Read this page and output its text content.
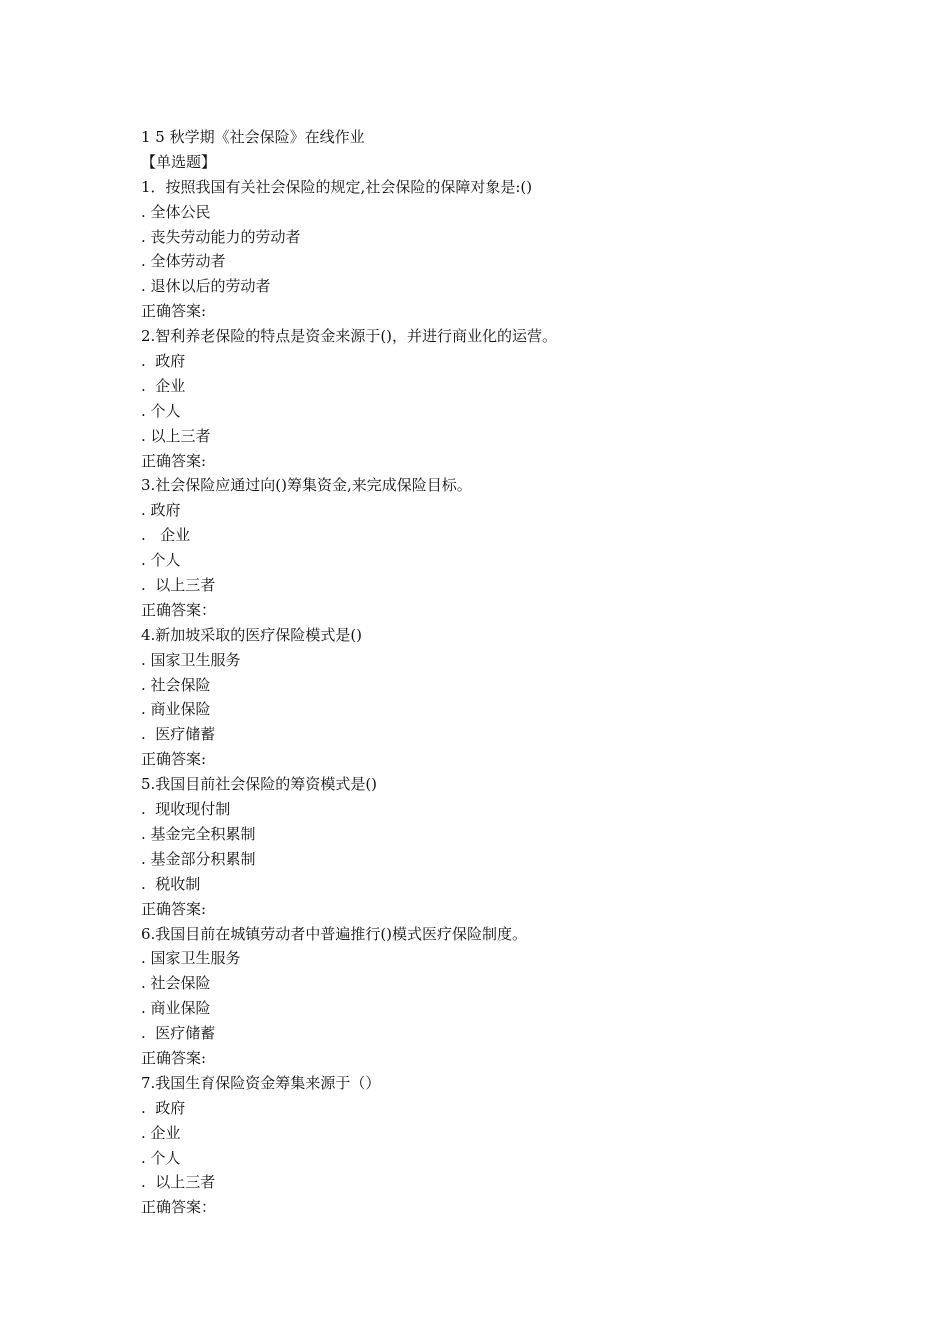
1 5 秋学期《社会保险》在线作业
【单选题】
1．按照我国有关社会保险的规定,社会保险的保障对象是:()
. 全体公民
. 丧失劳动能力的劳动者
. 全体劳动者
. 退休以后的劳动者
正确答案:
2.智利养老保险的特点是资金来源于()，并进行商业化的运营。
.  政府
.  企业
. 个人
. 以上三者
正确答案:
3.社会保险应通过向()筹集资金,来完成保险目标。
. 政府
.   企业
. 个人
.  以上三者
正确答案：
4.新加坡采取的医疗保险模式是()
. 国家卫生服务
. 社会保险
. 商业保险
.  医疗储蓄
正确答案:
5.我国目前社会保险的筹资模式是()
.  现收现付制
. 基金完全积累制
. 基金部分积累制
.  税收制
正确答案:
6.我国目前在城镇劳动者中普遍推行()模式医疗保险制度。
. 国家卫生服务
. 社会保险
. 商业保险
.  医疗储蓄
正确答案:
7.我国生育保险资金筹集来源于（）
.  政府
. 企业
. 个人
.  以上三者
正确答案：
